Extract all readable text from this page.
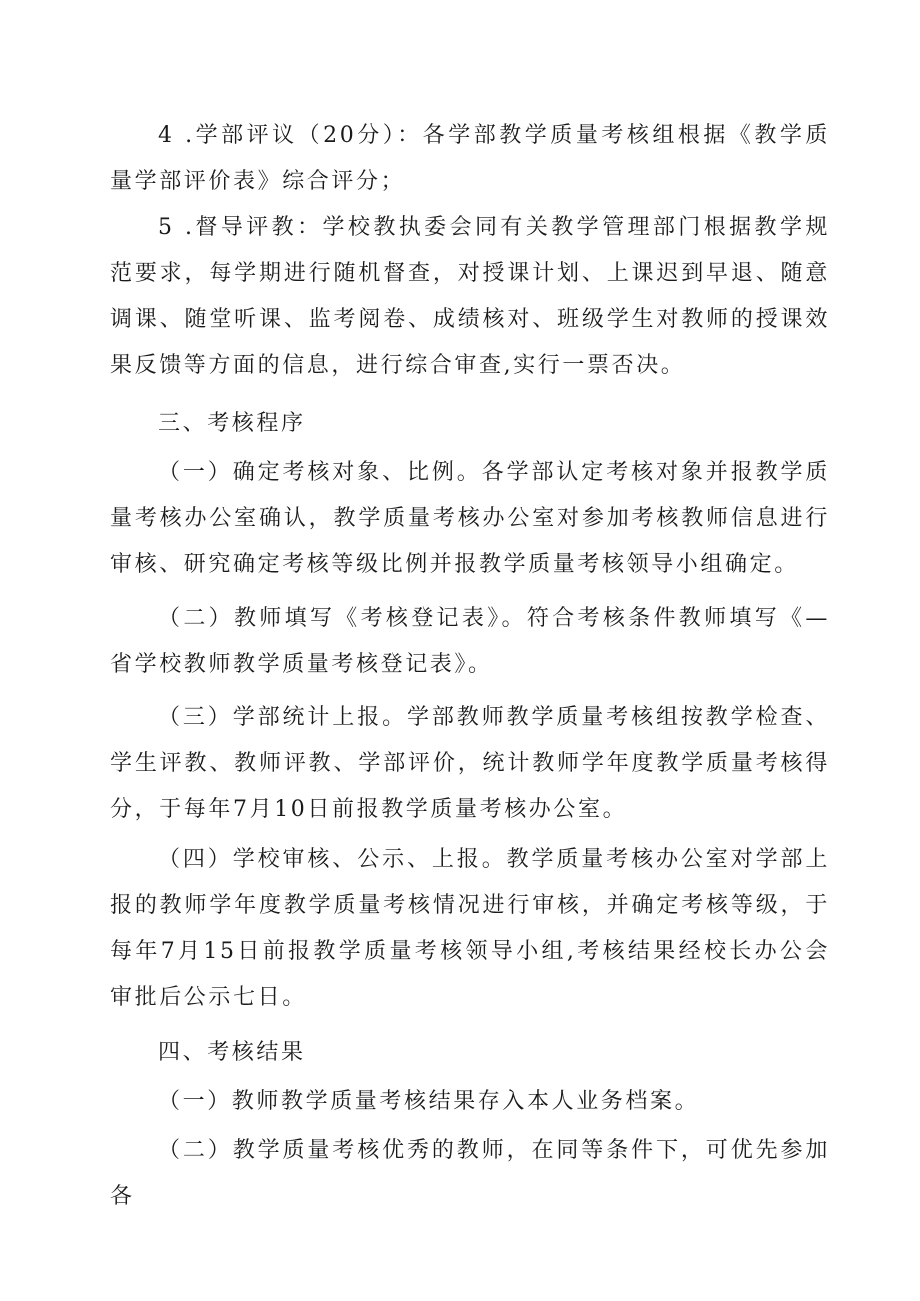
4 .学部评议（20分）：各学部教学质量考核组根据《教学质量学部评价表》综合评分；

5 .督导评教：学校教执委会同有关教学管理部门根据教学规范要求，每学期进行随机督查，对授课计划、上课迟到早退、随意调课、随堂听课、监考阅卷、成绩核对、班级学生对教师的授课效果反馈等方面的信息，进行综合审查,实行一票否决。

三、考核程序

（一）确定考核对象、比例。各学部认定考核对象并报教学质量考核办公室确认，教学质量考核办公室对参加考核教师信息进行审核、研究确定考核等级比例并报教学质量考核领导小组确定。

（二）教师填写《考核登记表》。符合考核条件教师填写《—省学校教师教学质量考核登记表》。

（三）学部统计上报。学部教师教学质量考核组按教学检查、学生评教、教师评教、学部评价，统计教师学年度教学质量考核得分，于每年7月10日前报教学质量考核办公室。

（四）学校审核、公示、上报。教学质量考核办公室对学部上报的教师学年度教学质量考核情况进行审核，并确定考核等级，于每年7月15日前报教学质量考核领导小组,考核结果经校长办公会审批后公示七日。

四、考核结果

（一）教师教学质量考核结果存入本人业务档案。

（二）教学质量考核优秀的教师，在同等条件下，可优先参加各
